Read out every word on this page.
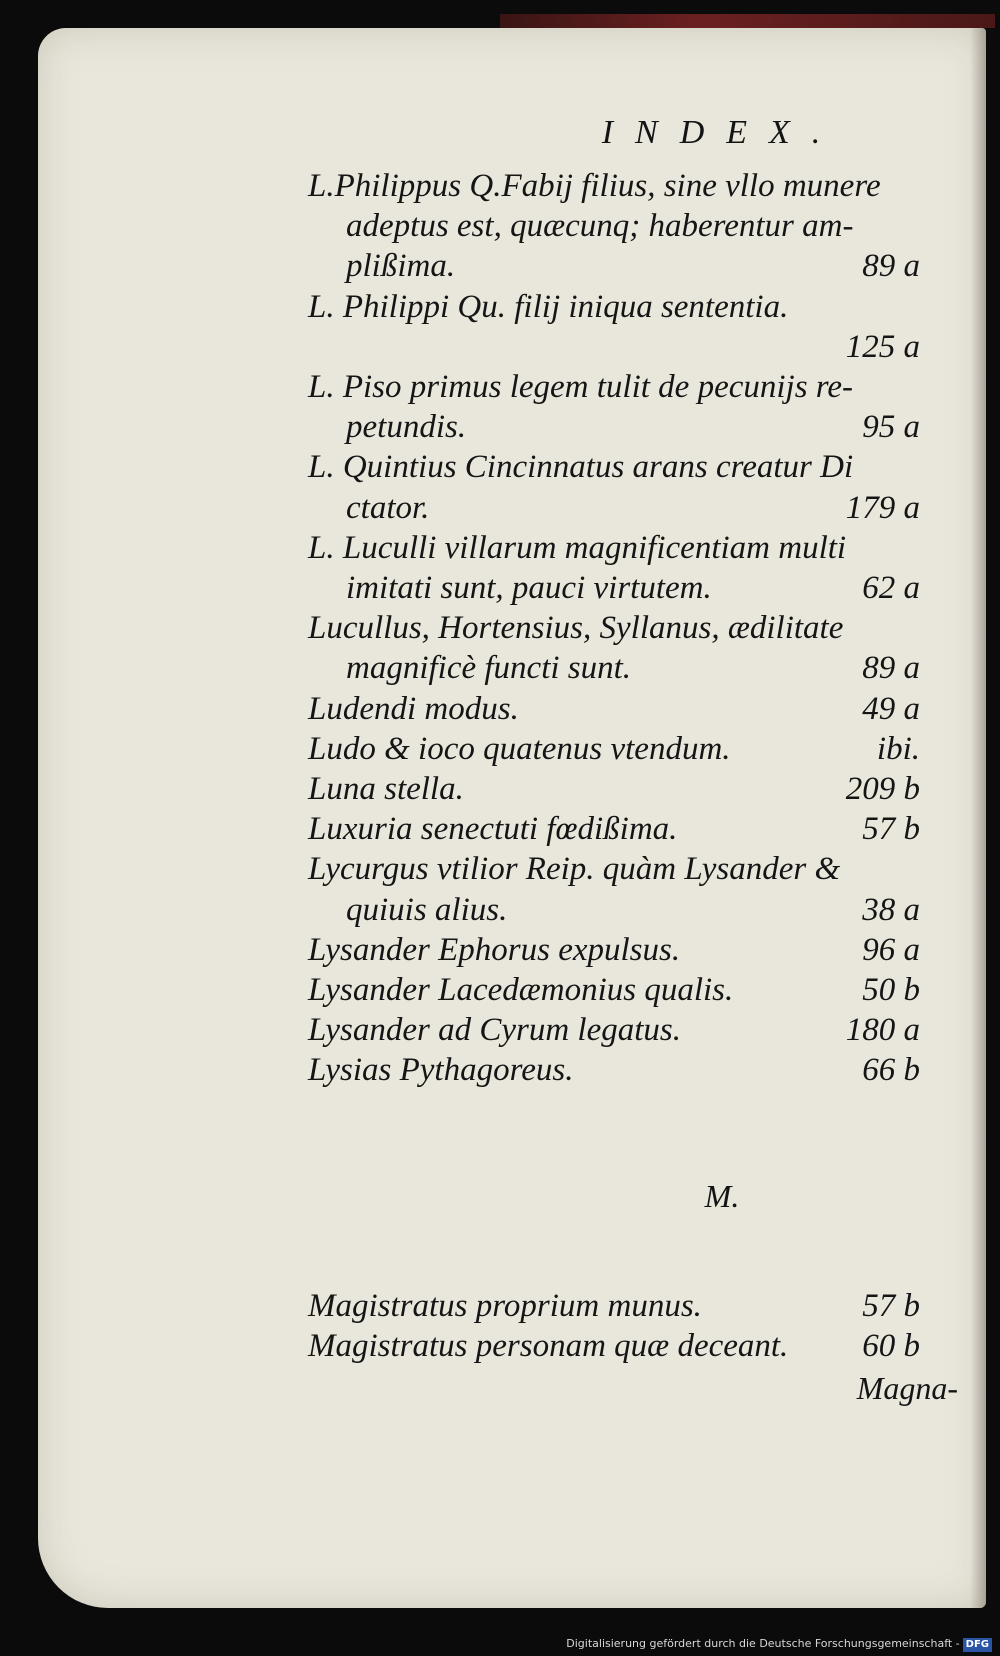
INDEX.
L.Philippus Q.Fabij filius, sine vllo munere
adeptus est, quæcunq; haberentur am-
plißima.	89 a
L. Philippi Qu. filij iniqua sententia.
125 a
L. Piso primus legem tulit de pecunijs re-
petundis.	95 a
L. Quintius Cincinnatus arans creatur Di
ctator.	179 a
L. Luculli villarum magnificentiam multi
imitati sunt, pauci virtutem.	62 a
Lucullus, Hortensius, Syllanus, ædilitate
magnificè functi sunt.	89 a
Ludendi modus.	49 a
Ludo & ioco quatenus vtendum.	ibi.
Luna stella.	209 b
Luxuria senectuti fœdißima.	57 b
Lycurgus vtilior Reip. quàm Lysander &
quiuis alius.	38 a
Lysander Ephorus expulsus.	96 a
Lysander Lacedæmonius qualis.	50 b
Lysander ad Cyrum legatus.	180 a
Lysias Pythagoreus.	66 b
Magistratus proprium munus.	57 b
Magistratus personam quæ deceant. 60 b
M.
Magna-
Digitalisierung gefördert durch die Deutsche Forschungsgemeinschaft - DFG
